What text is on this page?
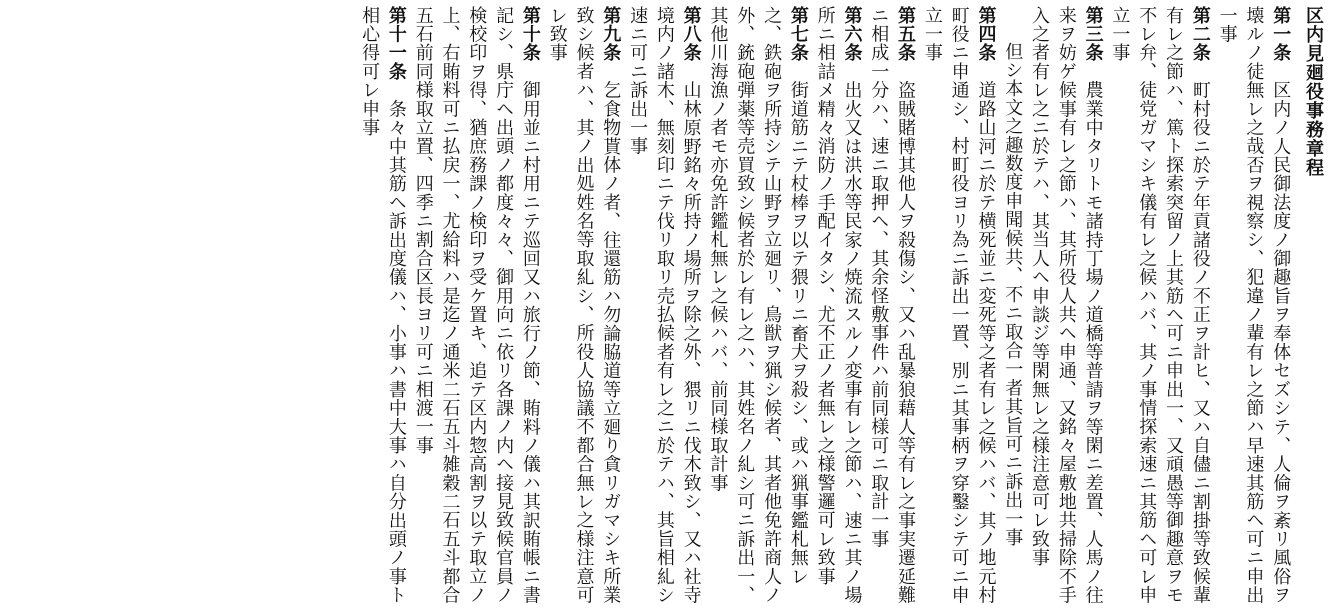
区内見廻役事務章程
第一条　区内ノ人民御法度ノ御趣旨ヲ奉体セズシテ、人倫ヲ紊リ風俗ヲ壊ルノ徒無レ之哉否ヲ視察シ、犯違ノ輩有レ之節ハ早速其筋ヘ可ニ申出一事
第二条　町村役ニ於テ年貢諸役ノ不正ヲ計ヒ、又ハ自儘ニ割掛等致候輩有レ之節ハ、篤ト探索突留ノ上其筋ヘ可ニ申出一、又頑愚等御趣意ヲモ不レ弁、徒党ガマシキ儀有レ之候ハバ、其ノ事情探索速ニ其筋ヘ可レ申立一事
第三条　農業中タリトモ諸持丁場ノ道橋等普請ヲ等閑ニ差置、人馬ノ往来ヲ妨ゲ候事有レ之節ハ、其所役人共ヘ申通、又銘々屋敷地共掃除不手入之者有レ之ニ於テハ、其当人ヘ申談ジ等閑無レ之様注意可レ致事
但シ本文之趣数度申聞候共、不ニ取合一者其旨可ニ訴出一事
第四条　道路山河ニ於テ横死並ニ変死等之者有レ之候ハバ、其ノ地元村町役ニ申通シ、村町役ヨリ為ニ訴出一置、別ニ其事柄ヲ穿鑿シテ可ニ申立一事
第五条　盗賊賭博其他人ヲ殺傷シ、又ハ乱暴狼藉人等有レ之事実遷延難ニ相成一分ハ、速ニ取押ヘ、其余怪敷事件ハ前同様可ニ取計一事
第六条　出火又は洪水等民家ノ焼流スルノ変事有レ之節ハ、速ニ其ノ場所ニ相詰メ精々消防ノ手配イタシ、尤不正ノ者無レ之様警邏可レ致事
第七条　街道筋ニテ杖棒ヲ以テ猥リニ畜犬ヲ殺シ、或ハ猟事鑑札無レ之、鉄砲ヲ所持シテ山野ヲ立廻リ、鳥獣ヲ猟シ候者、其者他免許商人ノ外、銃砲弾薬等売買致シ候者於レ有レ之ハ、其姓名ノ糺シ可ニ訴出一、其他川海漁ノ者モ亦免許鑑札無レ之候ハバ、前同様取計事
第八条　山林原野銘々所持ノ場所ヲ除之外、猥リニ伐木致シ、又ハ社寺境内ノ諸木、無刻印ニテ伐リ取リ売払候者有レ之ニ於テハ、其旨相糺シ速ニ可ニ訴出一事
第九条　乞食物貰体ノ者、往還筋ハ勿論脇道等立廻り貪リガマシキ所業致シ候者ハ、其ノ出処姓名等取糺シ、所役人協議不都合無レ之様注意可レ致事
第十条　御用並ニ村用ニテ巡回又ハ旅行ノ節、賄料ノ儀ハ其訳賄帳ニ書記シ、県庁ヘ出頭ノ都度々々、御用向ニ依リ各課ノ内ヘ接見致候官員ノ検校印ヲ得、猶庶務課ノ検印ヲ受ケ置キ、追テ区内惣高割ヲ以テ取立ノ上、右賄料可ニ払戻一、尤給料ハ是迄ノ通米二石五斗雑穀二石五斗都合五石前同様取立置、四季ニ割合区長ヨリ可ニ相渡一事
第十一条　条々中其筋ヘ訴出度儀ハ、小事ハ書中大事ハ自分出頭ノ事ト相心得可レ申事
